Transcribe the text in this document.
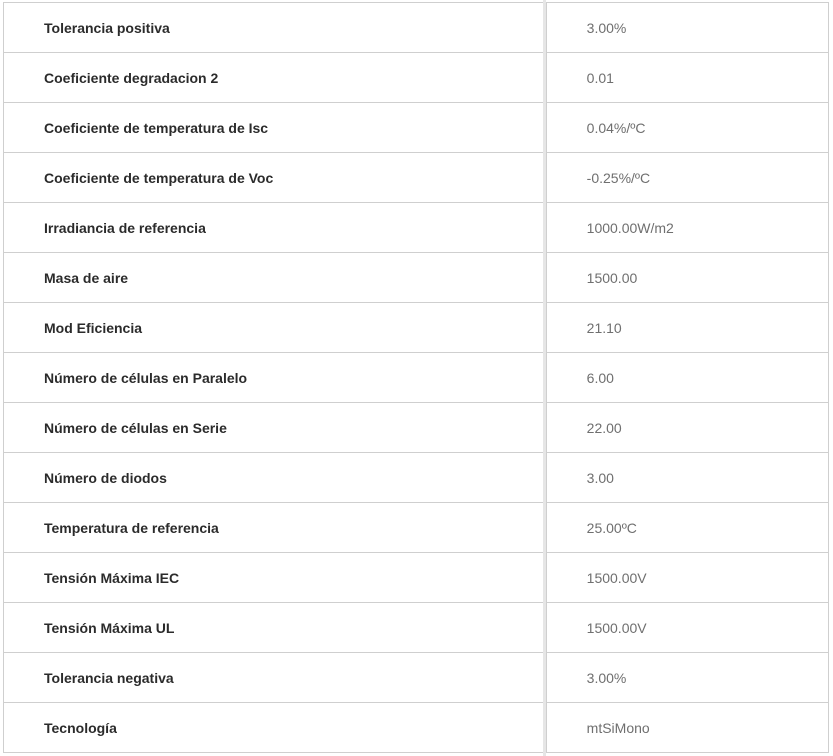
Tolerancia positiva	3.00%
Coeficiente degradacion 2	0.01
Coeficiente de temperatura de Isc	0.04%/ºC
Coeficiente de temperatura de Voc	-0.25%/ºC
Irradiancia de referencia	1000.00W/m2
Masa de aire	1500.00
Mod Eficiencia	21.10
Número de células en Paralelo	6.00
Número de células en Serie	22.00
Número de diodos	3.00
Temperatura de referencia	25.00ºC
Tensión Máxima IEC	1500.00V
Tensión Máxima UL	1500.00V
Tolerancia negativa	3.00%
Tecnología	mtSiMono
